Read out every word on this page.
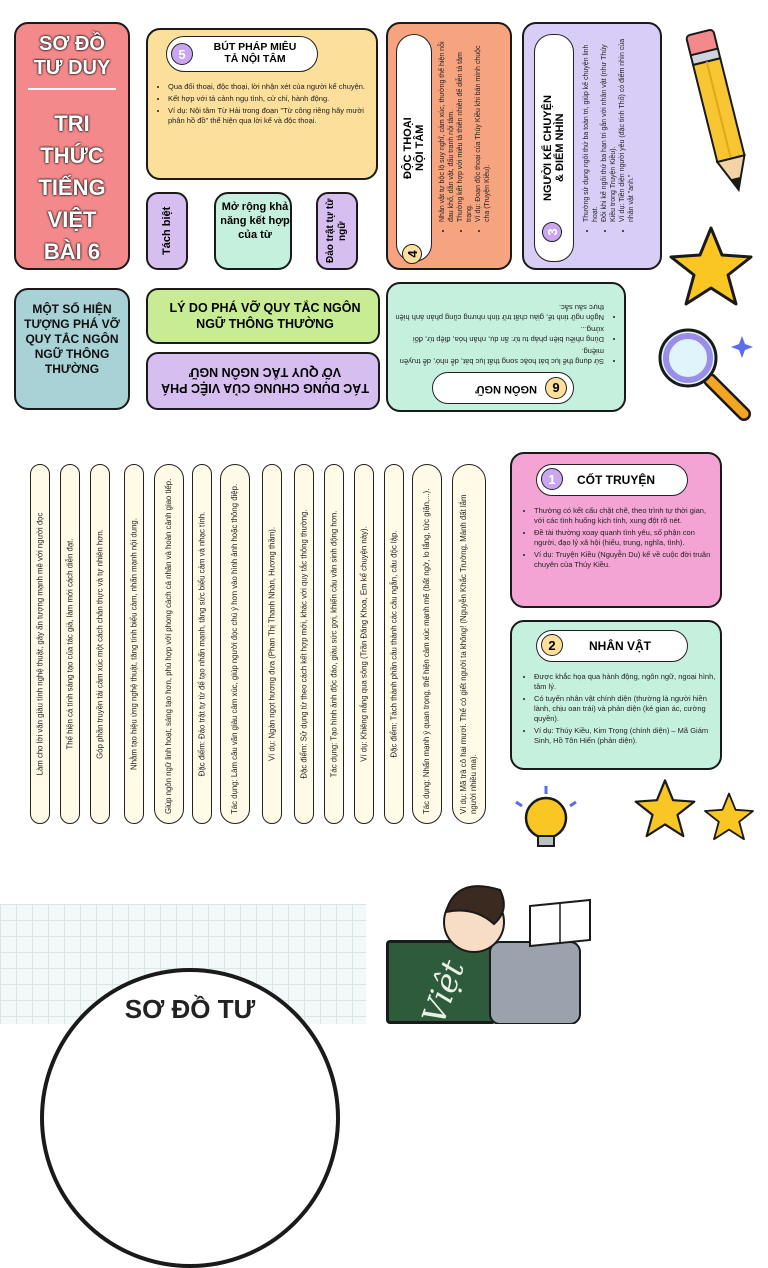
SƠ ĐỒ
TƯ DUY
TRI
THỨC
TIẾNG
VIỆT
BÀI 6
5	BÚT PHÁP MIÊU
TẢ NỘI TÂM
• Qua đối thoại, độc thoại, lời nhận xét của người kể chuyện.
• Kết hợp với tả cảnh ngụ tình, cử chỉ, hành động.
• Ví dụ: Nội tâm Từ Hải trong đoạn "Từ công riêng hãy mười phân hồ đồ" thể hiện qua lời kể và độc thoại.	ĐỘC THOẠI
NỘI TÂM
4
• Nhân vật tự bộc lộ suy nghĩ, cảm xúc, thường thể hiện nỗi đau khổ, dằn vặt, đấu tranh nội tâm. • Thường kết hợp với miêu tả thiên nhiên để diễn tả tâm trạng. • Ví dụ: Đoạn độc thoại của Thúy Kiều khi bán mình chuộc cha (Truyện Kiều).	NGƯỜI KỂ CHUYỆN
& ĐIỂM NHÌN
3
• Thường sử dụng ngôi thứ ba toàn tri, giúp kể chuyện linh hoạt. • Đôi khi kể ngôi thứ ba hạn tri gắn với nhân vật (như Thúy Kiều trong Truyện Kiều). • Ví dụ: Tiền diện người yêu (đặc tính Thổ) có điểm nhìn của nhân vật "anh."
Tách biệt	Mở rộng khả năng kết hợp của từ	Đảo trật tự từ ngữ
MỘT SỐ HIỆN TƯỢNG PHÁ VỠ QUY TẮC NGÔN NGỮ THÔNG THƯỜNG
LÝ DO PHÁ VỠ QUY TẮC NGÔN NGỮ THÔNG THƯỜNG
TÁC DỤNG CHUNG CỦA VIỆC PHÁ VỠ QUY TẮC NGÔN NGỮ
6
NGÔN NGỮ
• Sử dụng thể lục bát hoặc song thất lục bát, dễ nhớ, dễ truyền miệng.
• Dùng nhiều biện pháp tu từ: ẩn dụ, nhân hóa, điệp từ, đối xứng...
• Ngôn ngữ tinh tế, giàu chất trữ tình nhưng cũng phản ánh hiện thực sâu sắc.
Làm cho lời văn giàu tính nghệ thuật, gây ấn tượng mạnh mẽ với người đọc	Thể hiện cá tính sáng tạo của tác giả, làm mới cách diễn đạt.	Góp phần truyền tải cảm xúc một cách chân thực và tự nhiên hơn.	Nhằm tạo hiệu ứng nghệ thuật, tăng tính biểu cảm, nhấn mạnh nội dung.	Giúp ngôn ngữ linh hoạt, sáng tạo hơn, phù hợp với phong cách cá nhân và hoàn cảnh giao tiếp.	Đặc điểm: Đảo trật tự từ để tạo nhấn mạnh, tăng sức biểu cảm và nhạc tính.	Tác dụng: Làm câu văn giàu cảm xúc, giúp người đọc chú ý hơn vào hình ảnh hoặc thông điệp.	Ví dụ: Ngàn ngọt hương đưa (Phan Thị Thanh Nhàn, Hương thầm).	Đặc điểm: Sử dụng từ theo cách kết hợp mới, khác với quy tắc thông thường.	Tác dụng: Tạo hình ảnh độc đáo, giàu sức gợi, khiến câu văn sinh động hơn.	Ví dụ: Khiêng nắng qua sông (Trần Đăng Khoa, Em kể chuyện này).	Đặc điểm: Tách thành phần câu thành các câu ngắn, câu độc lập.	Tác dụng: Nhấn mạnh ý quan trọng, thể hiện cảm xúc mạnh mẽ (bất ngờ, lo lắng, tức giận,...).	Ví dụ: Mã trà cô hai mươi. Thế có giết người ta không! (Nguyễn Khắc Trường, Mảnh đất lắm người nhiều ma).
1	CỐT TRUYỆN
• Thường có kết cấu chặt chẽ, theo trình tự thời gian, với các tình huống kịch tính, xung đột rõ nét.
• Đề tài thường xoay quanh tình yêu, số phận con người, đạo lý xã hội (hiếu, trung, nghĩa, tình).
• Ví dụ: Truyện Kiều (Nguyễn Du) kể về cuộc đời truân chuyên của Thúy Kiều.
2	NHÂN VẬT
• Được khắc họa qua hành động, ngôn ngữ, ngoại hình, tâm lý.
• Có tuyến nhân vật chính diện (thường là người hiền lành, chịu oan trái) và phản diện (kẻ gian ác, cường quyền).
• Ví dụ: Thúy Kiều, Kim Trọng (chính diện) – Mã Giám Sinh, Hồ Tôn Hiến (phản diện).
SƠ ĐỒ TƯ	Việt
